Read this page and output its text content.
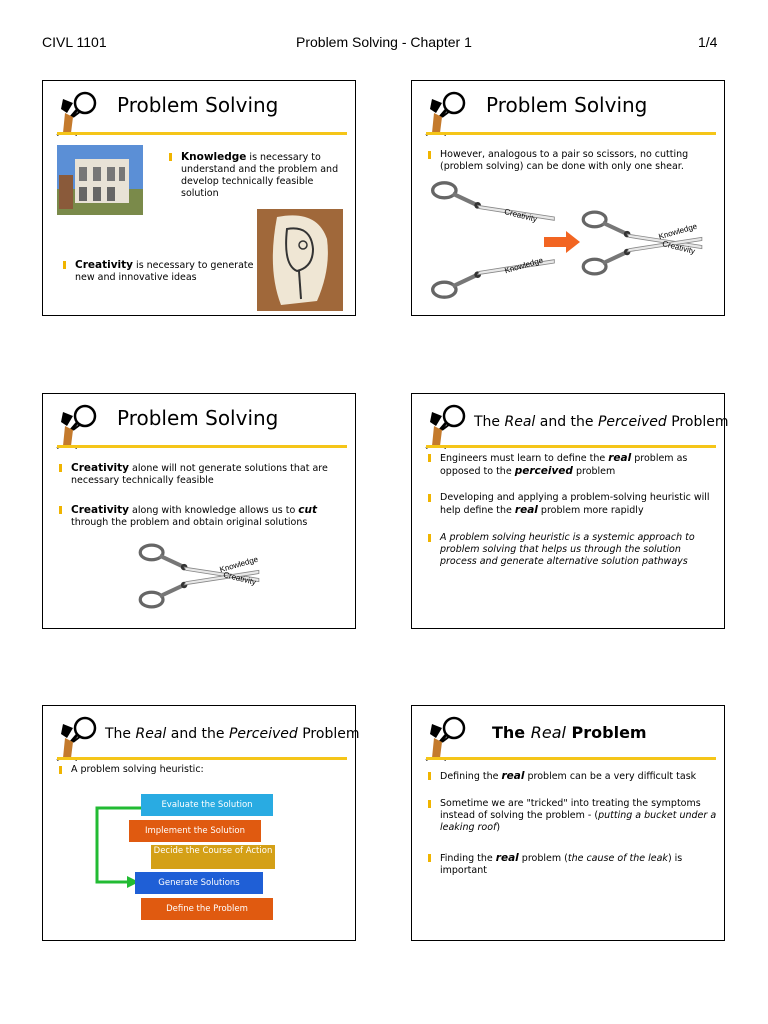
CIVL 1101	Problem Solving - Chapter 1	1/4
Problem Solving
Knowledge is necessary to understand and the problem and develop technically feasible solution
Creativity is necessary to generate new and innovative ideas
Problem Solving
However, analogous to a pair so scissors, no cutting (problem solving) can be done with only one shear.
Creativity
Knowledge
Knowledge
Creativity
Problem Solving
Creativity alone will not generate solutions that are necessary technically feasible
Creativity along with knowledge allows us to cut through the problem and obtain original solutions
Knowledge
Creativity
The Real and the Perceived Problem
Engineers must learn to define the real problem as opposed to the perceived problem
Developing and applying a problem-solving heuristic will help define the real problem more rapidly
A problem solving heuristic is a systemic approach to problem solving that helps us through the solution process and generate alternative solution pathways
The Real and the Perceived Problem
A problem solving heuristic:
Evaluate the Solution
Implement the Solution
Decide the Course of Action
Generate Solutions
Define the Problem
The Real Problem
Defining the real problem can be a very difficult task
Sometime we are "tricked" into treating the symptoms instead of solving the problem - (putting a bucket under a leaking roof)
Finding the real problem (the cause of the leak) is important
